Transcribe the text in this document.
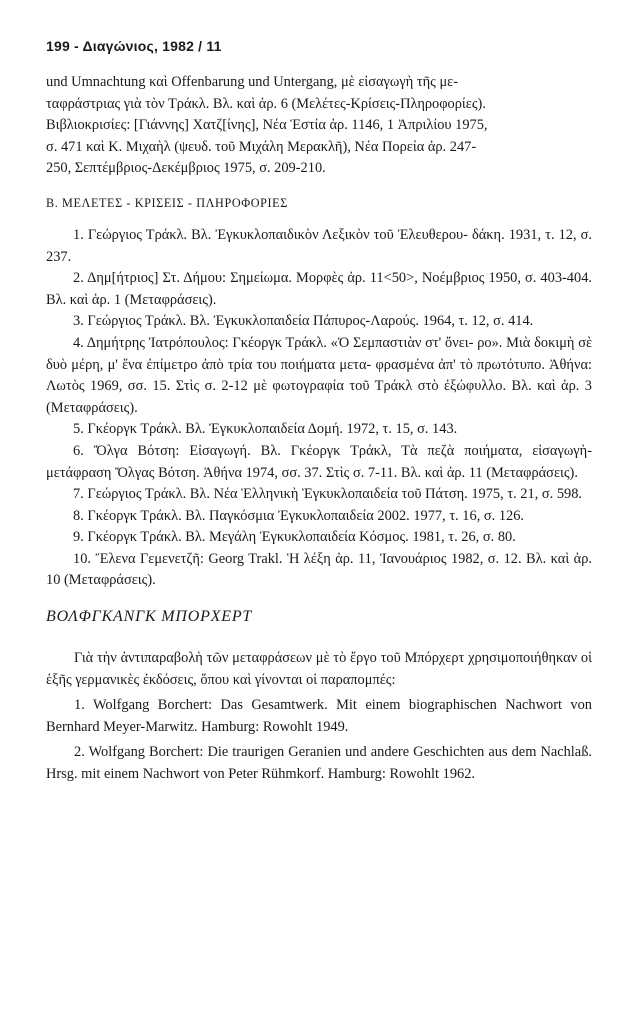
199 - Διαγώνιος, 1982 / 11

und Umnachtung καὶ Offenbarung und Untergang, μὲ εἰσαγωγὴ τῆς με-

ταφράστριας γιὰ τὸν Τράκλ. Βλ. καὶ ἀρ. 6 (Μελέτες-Κρίσεις-Πληροφορίες).

Βιβλιοκρισίες: [Γιάννης] Χατζ[ίνης], Νέα Ἑστία ἀρ. 1146, 1 Ἀπριλίου 1975,

σ. 471 καὶ Κ. Μιχαὴλ (ψευδ. τοῦ Μιχάλη Μερακλῆ), Νέα Πορεία ἀρ. 247-

250, Σεπτέμβριος-Δεκέμβριος 1975, σ. 209-210.

Β. ΜΕΛΕΤΕΣ - ΚΡΙΣΕΙΣ - ΠΛΗΡΟΦΟΡΙΕΣ

1. Γεώργιος Τράκλ. Βλ. Ἐγκυκλοπαιδικὸν Λεξικὸν τοῦ Ἐλευθερου- δάκη. 1931, τ. 12, σ. 237.

2. Δημ[ήτριος] Στ. Δήμου: Σημείωμα. Μορφὲς ἀρ. 11<50>, Νοέμβριος 1950, σ. 403-404. Βλ. καὶ ἀρ. 1 (Μεταφράσεις).

3. Γεώργιος Τράκλ. Βλ. Ἐγκυκλοπαιδεία Πάπυρος-Λαρούς. 1964, τ. 12, σ. 414.

4. Δημήτρης Ἰατρόπουλος: Γκέοργκ Τράκλ. «Ὁ Σεμπαστιὰν στ' ὄνει- ρο». Μιὰ δοκιμὴ σὲ δυὸ μέρη, μ' ἕνα ἐπίμετρο ἀπὸ τρία του ποιήματα μετα- φρασμένα ἀπ' τὸ πρωτότυπο. Ἀθήνα: Λωτὸς 1969, σσ. 15. Στὶς σ. 2-12 μὲ φωτογραφία τοῦ Τράκλ στὸ ἐξώφυλλο. Βλ. καὶ ἀρ. 3 (Μεταφράσεις).

5. Γκέοργκ Τράκλ. Βλ. Ἐγκυκλοπαιδεία Δομή. 1972, τ. 15, σ. 143.

6. Ὄλγα Βότση: Εἰσαγωγή. Βλ. Γκέοργκ Τράκλ, Τὰ πεζὰ ποιήματα, εἰσαγωγὴ-μετάφραση Ὄλγας Βότση. Ἀθήνα 1974, σσ. 37. Στὶς σ. 7-11. Βλ. καὶ ἀρ. 11 (Μεταφράσεις).

7. Γεώργιος Τράκλ. Βλ. Νέα Ἑλληνικὴ Ἐγκυκλοπαιδεία τοῦ Πάτση. 1975, τ. 21, σ. 598.

8. Γκέοργκ Τράκλ. Βλ. Παγκόσμια Ἐγκυκλοπαιδεία 2002. 1977, τ. 16, σ. 126.

9. Γκέοργκ Τράκλ. Βλ. Μεγάλη Ἐγκυκλοπαιδεία Κόσμος. 1981, τ. 26, σ. 80.

10. Ἔλενα Γεμενετζῆ: Georg Trakl. Ἡ λέξη ἀρ. 11, Ἰανουάριος 1982, σ. 12. Βλ. καὶ ἀρ. 10 (Μεταφράσεις).

ΒΟΛΦΓΚΑΝΓΚ ΜΠΟΡΧΕΡΤ

Γιὰ τὴν ἀντιπαραβολὴ τῶν μεταφράσεων μὲ τὸ ἔργο τοῦ Μπόρχερτ χρησιμοποιήθηκαν οἱ ἑξῆς γερμανικὲς ἐκδόσεις, ὅπου καὶ γίνονται οἱ παραπομπές:

1. Wolfgang Borchert: Das Gesamtwerk. Mit einem biographischen Nachwort von Bernhard Meyer-Marwitz. Hamburg: Rowohlt 1949.

2. Wolfgang Borchert: Die traurigen Geranien und andere Geschichten aus dem Nachlaß. Hrsg. mit einem Nachwort von Peter Rühmkorf. Hamburg: Rowohlt 1962.
